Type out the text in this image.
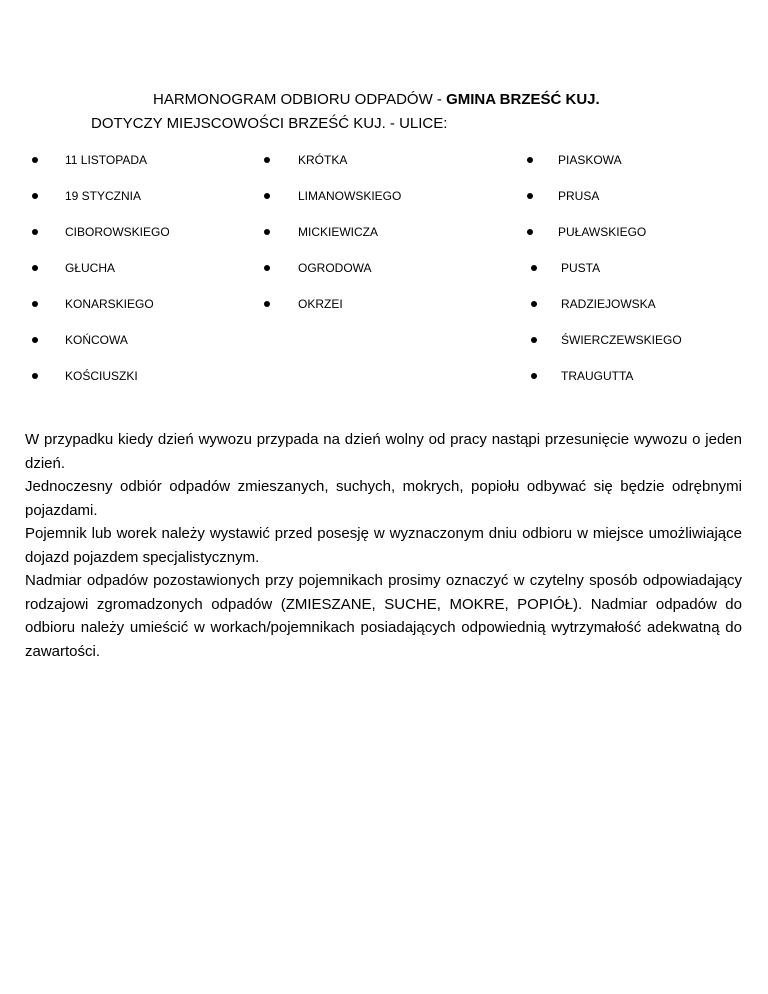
HARMONOGRAM ODBIORU ODPADÓW - GMINA BRZEŚĆ KUJ.
DOTYCZY MIEJSCOWOŚCI BRZEŚĆ KUJ. - ULICE:
11 LISTOPADA
19 STYCZNIA
CIBOROWSKIEGO
GŁUCHA
KONARSKIEGO
KOŃCOWA
KOŚCIUSZKI
KRÓTKA
LIMANOWSKIEGO
MICKIEWICZA
OGRODOWA
OKRZEI
PIASKOWA
PRUSA
PUŁAWSKIEGO
PUSTA
RADZIEJOWSKA
ŚWIERCZEWSKIEGO
TRAUGUTTA

W przypadku kiedy dzień wywozu przypada na dzień wolny od pracy nastąpi przesunięcie wywozu o jeden dzień.

Jednoczesny odbiór odpadów zmieszanych, suchych, mokrych, popiołu odbywać się będzie odrębnymi pojazdami.

Pojemnik lub worek należy wystawić przed posesję w wyznaczonym dniu odbioru w miejsce umożliwiające dojazd pojazdem specjalistycznym.

Nadmiar odpadów pozostawionych przy pojemnikach prosimy oznaczyć w czytelny sposób odpowiadający rodzajowi zgromadzonych odpadów (ZMIESZANE, SUCHE, MOKRE, POPIÓŁ). Nadmiar odpadów do odbioru należy umieścić w workach/pojemnikach posiadających odpowiednią wytrzymałość adekwatną do zawartości.
